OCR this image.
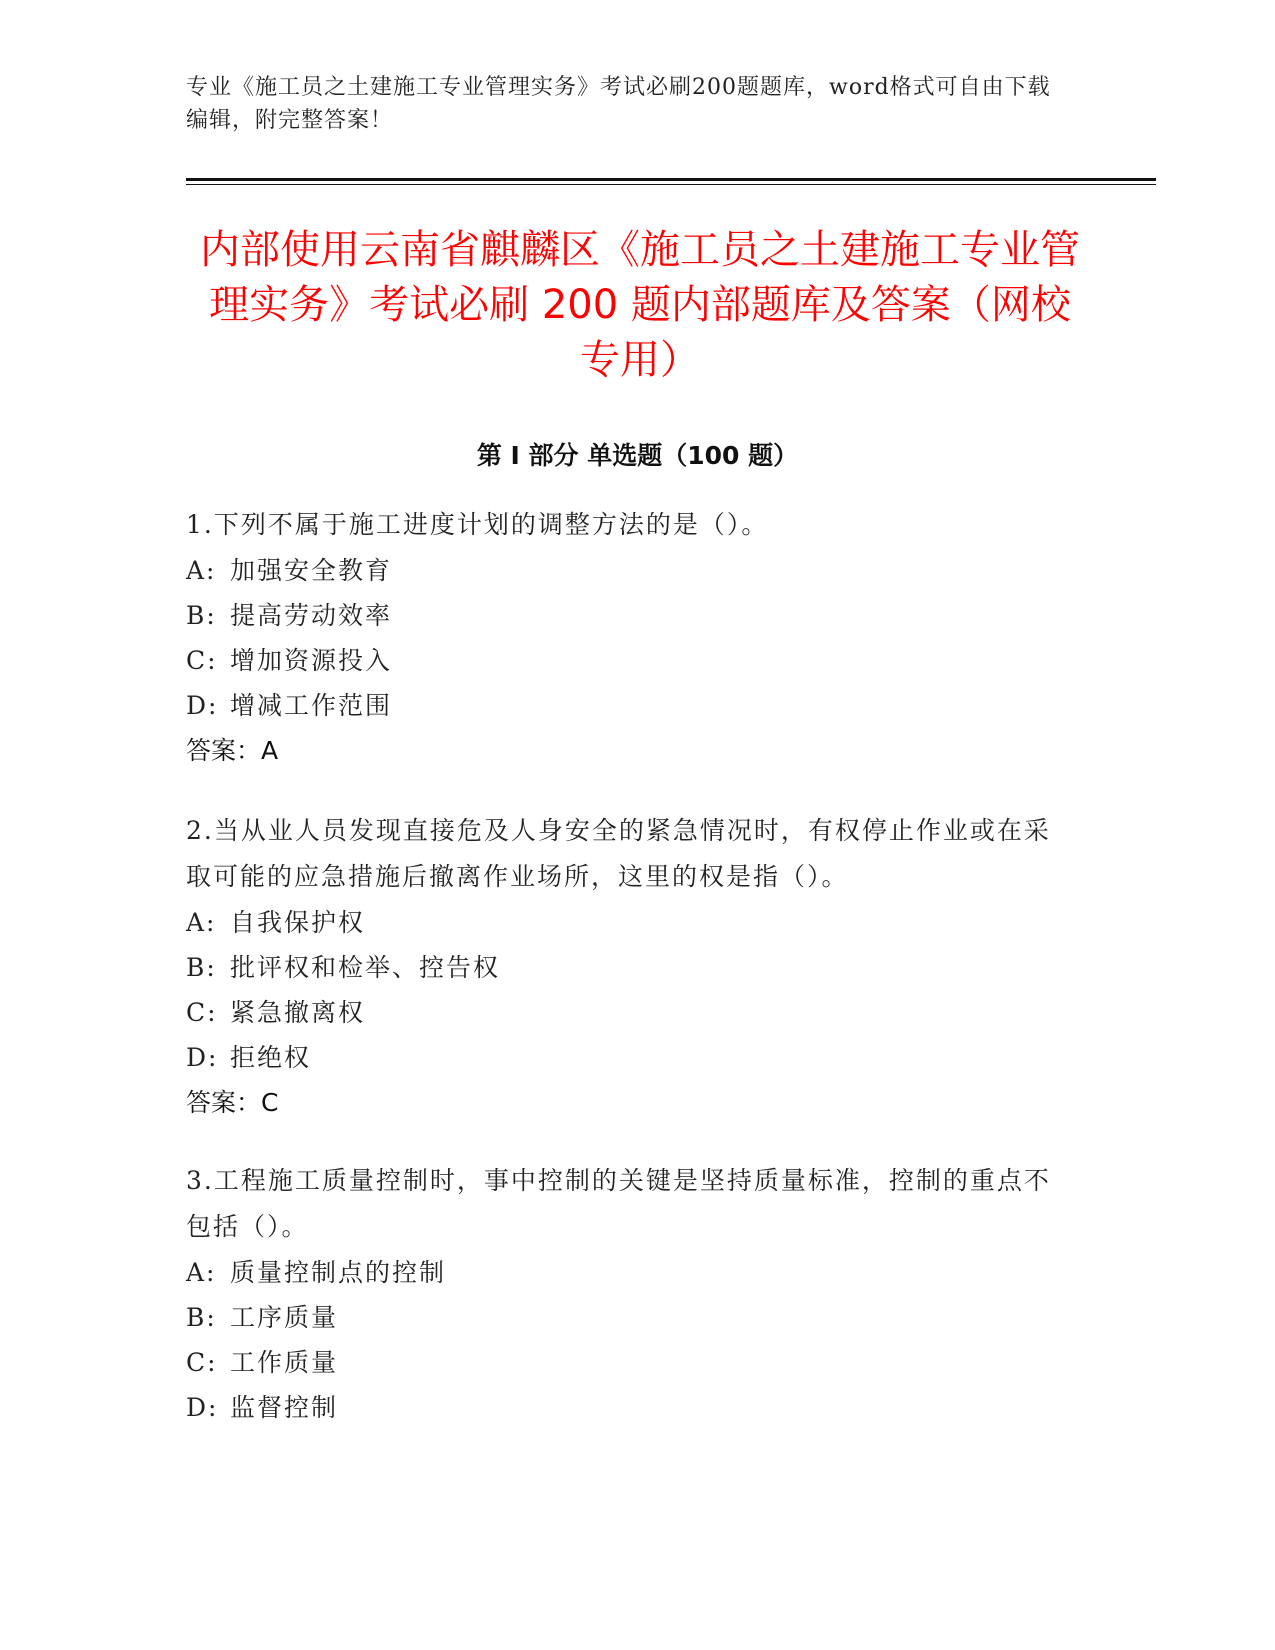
专业《施工员之土建施工专业管理实务》考试必刷200题题库，word格式可自由下载编辑，附完整答案！
内部使用云南省麒麟区《施工员之土建施工专业管理实务》考试必刷 200 题内部题库及答案（网校专用）
第 I 部分 单选题（100 题）
1.下列不属于施工进度计划的调整方法的是（）。
A: 加强安全教育
B: 提高劳动效率
C: 增加资源投入
D: 增减工作范围
答案：A
2.当从业人员发现直接危及人身安全的紧急情况时，有权停止作业或在采取可能的应急措施后撤离作业场所，这里的权是指（）。
A: 自我保护权
B: 批评权和检举、控告权
C: 紧急撤离权
D: 拒绝权
答案：C
3.工程施工质量控制时，事中控制的关键是坚持质量标准，控制的重点不包括（）。
A: 质量控制点的控制
B: 工序质量
C: 工作质量
D: 监督控制
